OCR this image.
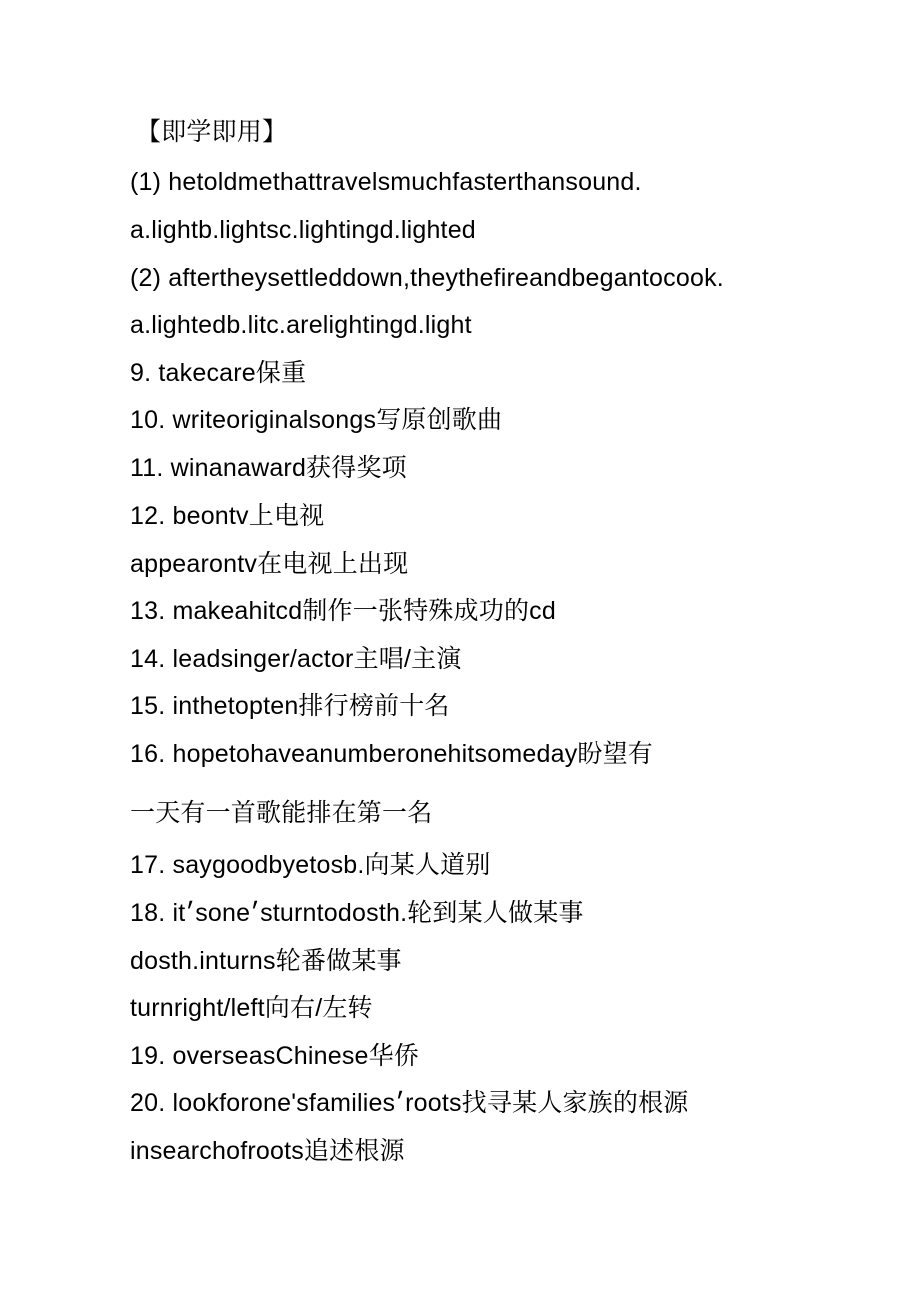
【即学即用】
(1) hetoldmethattravelsmuchfasterthansound.
a.lightb.lightsc.lightingd.lighted
(2) aftertheysettleddown,theythefireandbegantocook.
a.lightedb.litc.arelightingd.light
9. takecare保重
10. writeoriginalsongs写原创歌曲
11. winanaward获得奖项
12. beontv上电视
appearontv在电视上出现
13. makeahitcd制作一张特殊成功的cd
14. leadsinger/actor主唱/主演
15. inthetopten排行榜前十名
16. hopetohaveanumberonehitsomeday盼望有
一天有一首歌能排在第一名
17. saygoodbyetosb.向某人道别
18. it׳sone׳sturntodosth.轮到某人做某事
dosth.inturns轮番做某事
turnright/left向右/左转
19. overseasChinese华侨
20. lookforone'sfamilies׳roots找寻某人家族的根源
insearchofroots追述根源
